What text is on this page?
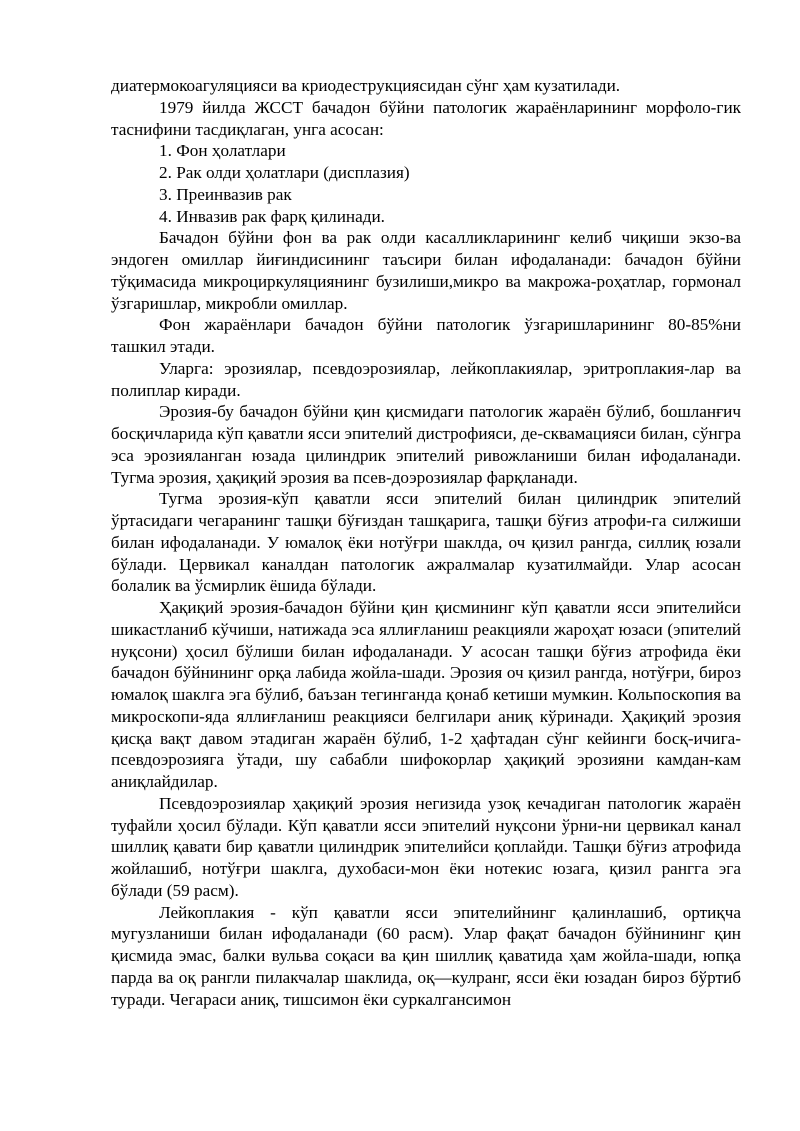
диатермокоагуляцияси ва криодеструкциясидан сўнг ҳам кузатилади.

1979 йилда ЖССТ бачадон бўйни патологик жараёнларининг морфоло-гик таснифини тасдиқлаган, унга асосан:

1. Фон ҳолатлари

2. Рак олди ҳолатлари (дисплазия)

3. Преинвазив рак

4. Инвазив рак фарқ қилинади.

Бачадон бўйни фон ва рак олди касалликларининг келиб чиқиши экзо-ва эндоген омиллар йиғиндисининг таъсири билан ифодаланади: бачадон бўйни тўқимасида микроциркуляциянинг бузилиши,микро ва макрожа-роҳатлар, гормонал ўзгаришлар, микробли омиллар.

Фон жараёнлари бачадон бўйни патологик ўзгаришларининг 80-85%ни ташкил этади.

Уларга: эрозиялар, псевдоэрозиялар, лейкоплакиялар, эритроплакия-лар ва полиплар киради.

Эрозия-бу бачадон бўйни қин қисмидаги патологик жараён бўлиб, бошланғич босқичларида кўп қаватли ясси эпителий дистрофияси, де-сквамацияси билан, сўнгра эса эрозияланган юзада цилиндрик эпителий ривожланиши билан ифодаланади. Тугма эрозия, ҳақиқий эрозия ва псев-доэрозиялар фарқланади.

Тугма эрозия-кўп қаватли ясси эпителий билан цилиндрик эпителий ўртасидаги чегаранинг ташқи бўғиздан ташқарига, ташқи бўғиз атрофи-га силжиши билан ифодаланади. У юмалоқ ёки нотўғри шаклда, оч қизил рангда, силлиқ юзали бўлади. Цервикал каналдан патологик ажралмалар кузатилмайди. Улар асосан болалик ва ўсмирлик ёшида бўлади.

Ҳақиқий эрозия-бачадон бўйни қин қисмининг кўп қаватли ясси эпителийси шикастланиб кўчиши, натижада эса яллиғланиш реакцияли жароҳат юзаси (эпителий нуқсони) ҳосил бўлиши билан ифодаланади. У асосан ташқи бўғиз атрофида ёки бачадон бўйнининг орқа лабида жойла-шади. Эрозия оч қизил рангда, нотўғри, бироз юмалоқ шаклга эга бўлиб, баъзан тегинганда қонаб кетиши мумкин. Кольпоскопия ва микроскопи-яда яллиғланиш реакцияси белгилари аниқ кўринади. Ҳақиқий эрозия қисқа вақт давом этадиган жараён бўлиб, 1-2 ҳафтадан сўнг кейинги босқ-ичига-псевдоэрозияга ўтади, шу сабабли шифокорлар ҳақиқий эрозияни камдан-кам аниқлайдилар.

Псевдоэрозиялар ҳақиқий эрозия негизида узоқ кечадиган патологик жараён туфайли ҳосил бўлади. Кўп қаватли ясси эпителий нуқсони ўрни-ни цервикал канал шиллиқ қавати бир қаватли цилиндрик эпителийси қоплайди. Ташқи бўғиз атрофида жойлашиб, нотўғри шаклга, духобаси-мон ёки нотекис юзага, қизил рангга эга бўлади (59 расм).

Лейкоплакия - кўп қаватли ясси эпителийнинг қалинлашиб, ортиқча мугузланиши билан ифодаланади (60 расм). Улар фақат бачадон бўйнининг қин қисмида эмас, балки вульва соқаси ва қин шиллиқ қаватида ҳам жойла-шади, юпқа парда ва оқ рангли пилакчалар шаклида, оқ—кулранг, ясси ёки юзадан бироз бўртиб туради. Чегараси аниқ, тишсимон ёки суркалгансимон
